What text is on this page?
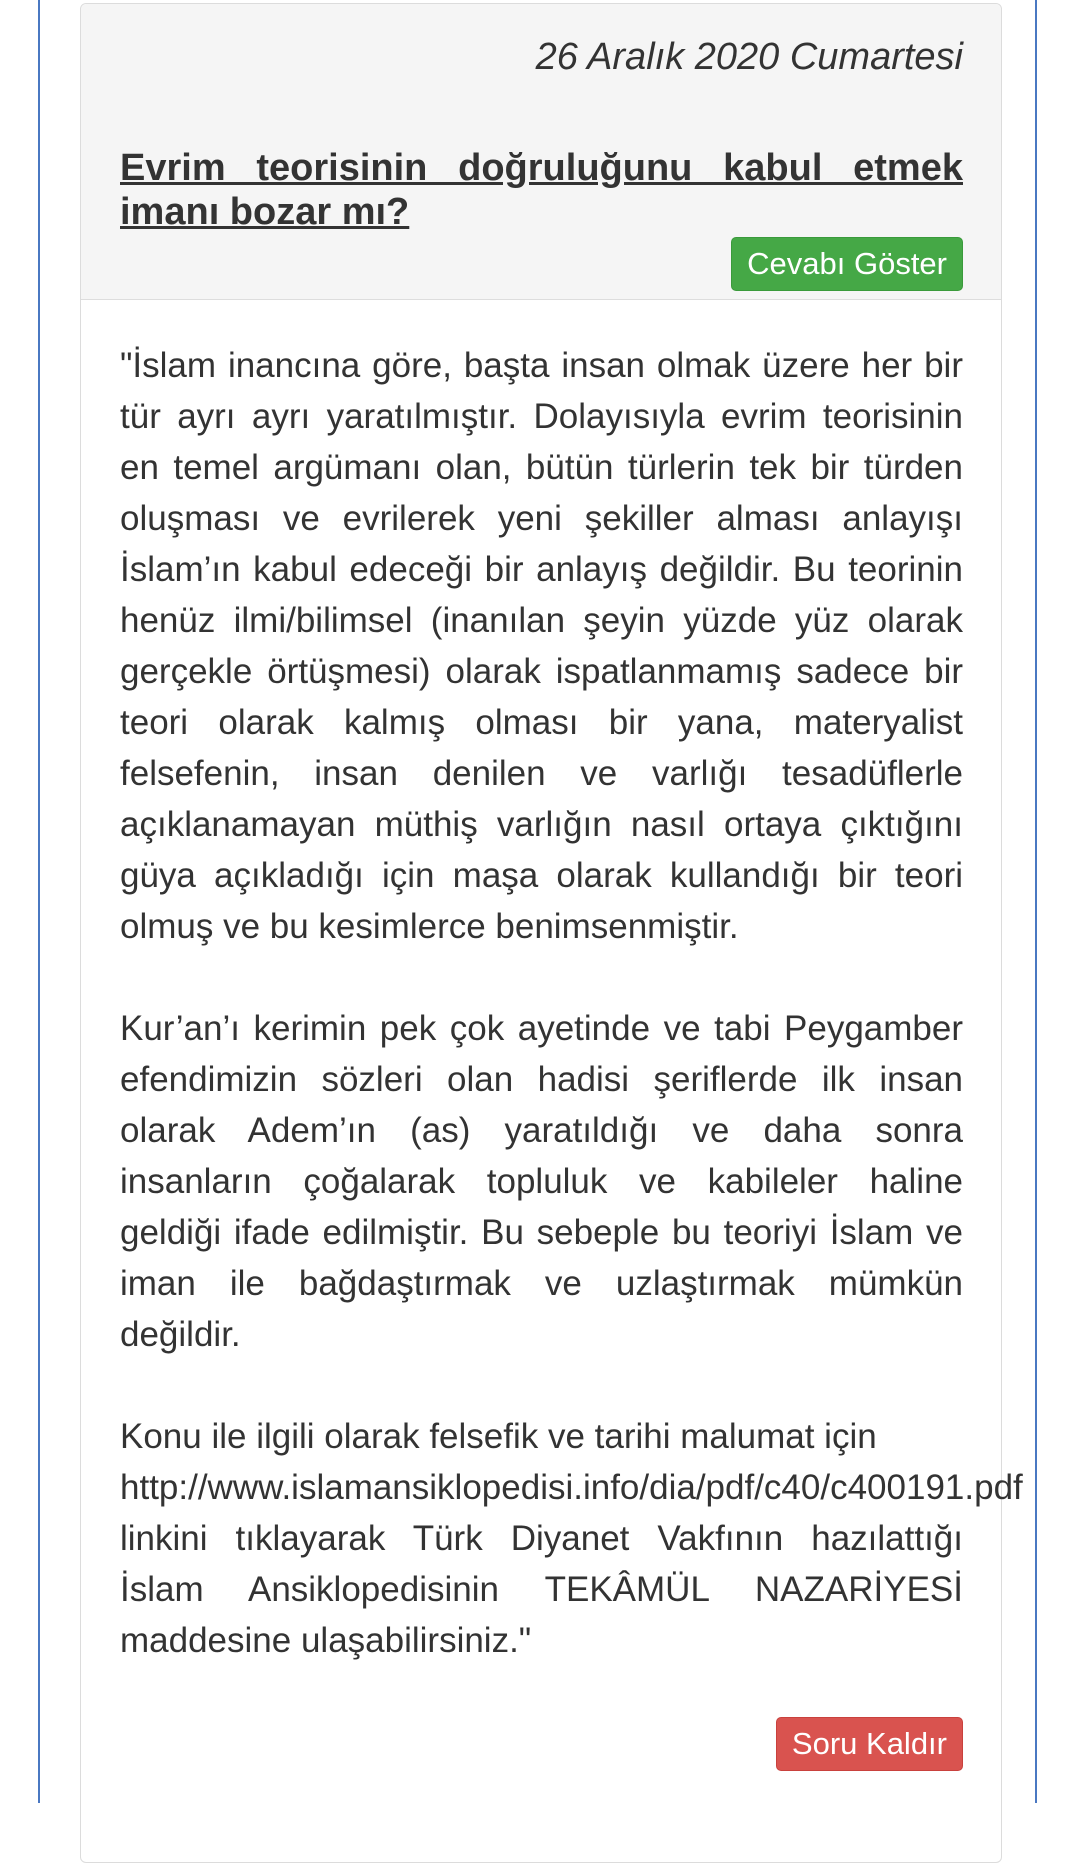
26 Aralık 2020 Cumartesi
Evrim teorisinin doğruluğunu kabul etmek imanı bozar mı?
Cevabı Göster

"İslam inancına göre, başta insan olmak üzere her bir tür ayrı ayrı yaratılmıştır. Dolayısıyla evrim teorisinin en temel argümanı olan, bütün türlerin tek bir türden oluşması ve evrilerek yeni şekiller alması anlayışı İslam’ın kabul edeceği bir anlayış değildir. Bu teorinin henüz ilmi/bilimsel (inanılan şeyin yüzde yüz olarak gerçekle örtüşmesi) olarak ispatlanmamış sadece bir teori olarak kalmış olması bir yana, materyalist felsefenin, insan denilen ve varlığı tesadüflerle açıklanamayan müthiş varlığın nasıl ortaya çıktığını güya açıkladığı için maşa olarak kullandığı bir teori olmuş ve bu kesimlerce benimsenmiştir.

Kur’an’ı kerimin pek çok ayetinde ve tabi Peygamber efendimizin sözleri olan hadisi şeriflerde ilk insan olarak Adem’ın (as) yaratıldığı ve daha sonra insanların çoğalarak topluluk ve kabileler haline geldiği ifade edilmiştir. Bu sebeple bu teoriyi İslam ve iman ile bağdaştırmak ve uzlaştırmak mümkün değildir.

Konu ile ilgili olarak felsefik ve tarihi malumat için
http://www.islamansiklopedisi.info/dia/pdf/c40/c400191.pdf
linkini tıklayarak Türk Diyanet Vakfının hazılattığı İslam Ansiklopedisinin TEKÂMÜL NAZARİYESİ maddesine ulaşabilirsiniz."

Soru Kaldır
